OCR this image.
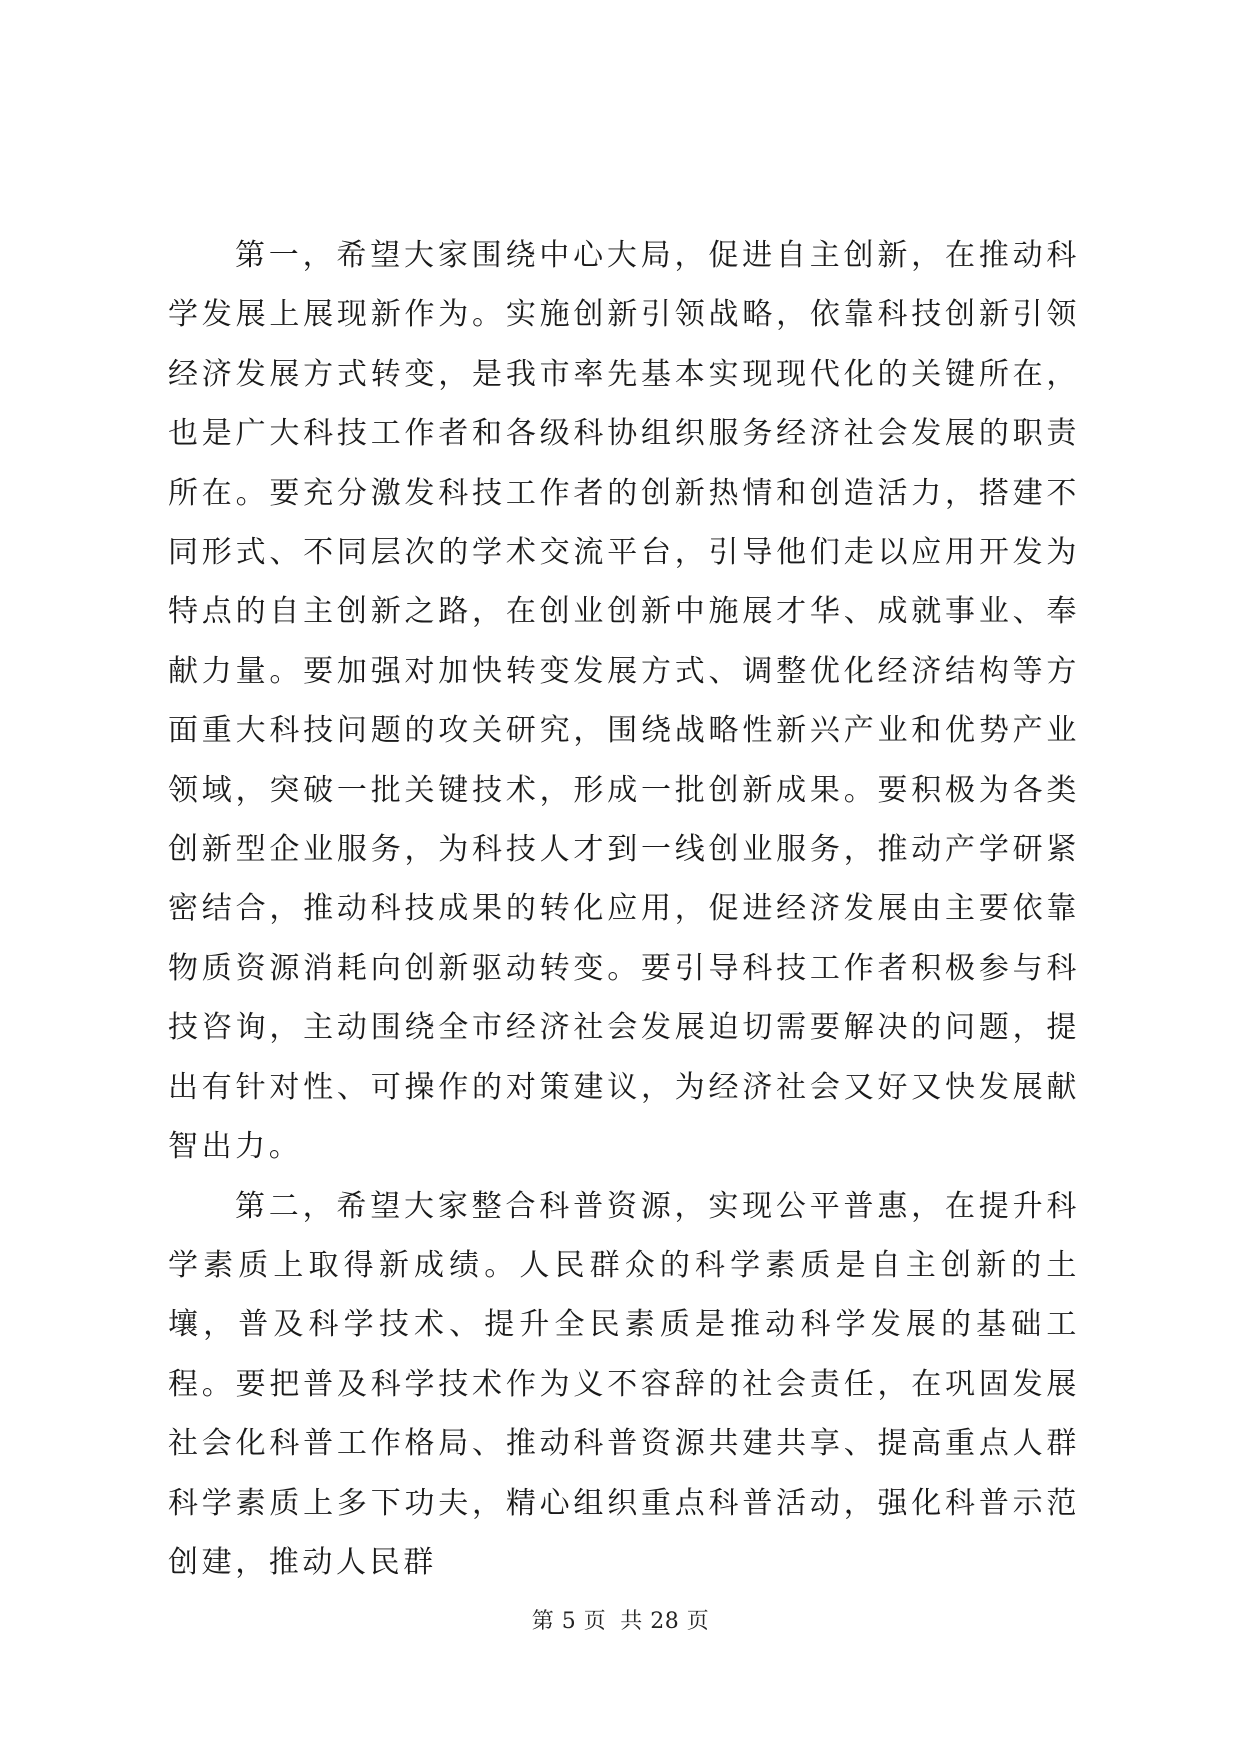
第一，希望大家围绕中心大局，促进自主创新，在推动科学发展上展现新作为。实施创新引领战略，依靠科技创新引领经济发展方式转变，是我市率先基本实现现代化的关键所在，也是广大科技工作者和各级科协组织服务经济社会发展的职责所在。要充分激发科技工作者的创新热情和创造活力，搭建不同形式、不同层次的学术交流平台，引导他们走以应用开发为特点的自主创新之路，在创业创新中施展才华、成就事业、奉献力量。要加强对加快转变发展方式、调整优化经济结构等方面重大科技问题的攻关研究，围绕战略性新兴产业和优势产业领域，突破一批关键技术，形成一批创新成果。要积极为各类创新型企业服务，为科技人才到一线创业服务，推动产学研紧密结合，推动科技成果的转化应用，促进经济发展由主要依靠物质资源消耗向创新驱动转变。要引导科技工作者积极参与科技咨询，主动围绕全市经济社会发展迫切需要解决的问题，提出有针对性、可操作的对策建议，为经济社会又好又快发展献智出力。

第二，希望大家整合科普资源，实现公平普惠，在提升科学素质上取得新成绩。人民群众的科学素质是自主创新的土壤，普及科学技术、提升全民素质是推动科学发展的基础工程。要把普及科学技术作为义不容辞的社会责任，在巩固发展社会化科普工作格局、推动科普资源共建共享、提高重点人群科学素质上多下功夫，精心组织重点科普活动，强化科普示范创建，推动人民群

第 5 页 共 28 页
